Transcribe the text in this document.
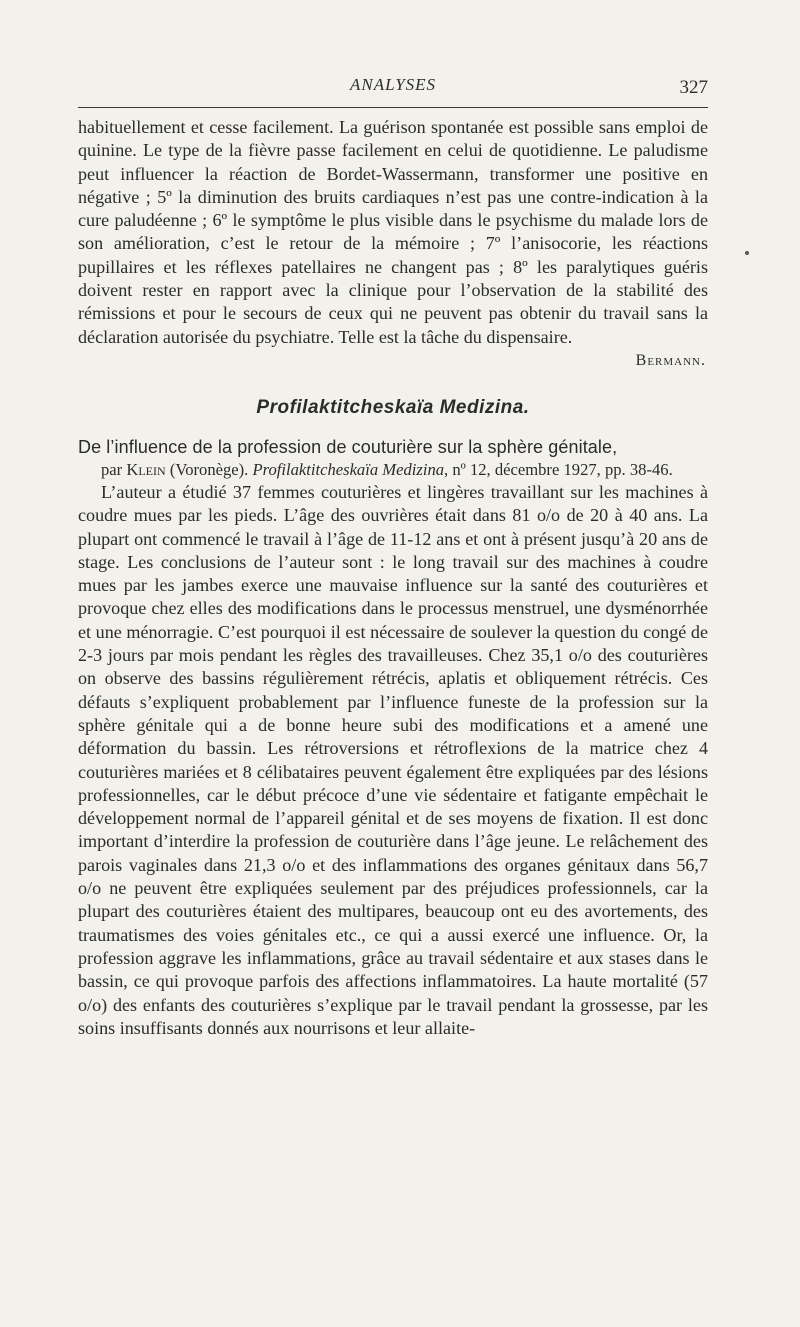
ANALYSES	327

habituellement et cesse facilement. La guérison spontanée est possible sans emploi de quinine. Le type de la fièvre passe facilement en celui de quotidienne. Le paludisme peut influencer la réaction de Bordet-Wassermann, transformer une positive en négative ; 5º la diminution des bruits cardiaques n’est pas une contre-indication à la cure paludéenne ; 6º le symptôme le plus visible dans le psychisme du malade lors de son amélioration, c’est le retour de la mémoire ; 7º l’anisocorie, les réactions pupillaires et les réflexes patellaires ne changent pas ; 8º les paralytiques guéris doivent rester en rapport avec la clinique pour l’observation de la stabilité des rémissions et pour le secours de ceux qui ne peuvent pas obtenir du travail sans la déclaration autorisée du psychiatre. Telle est la tâche du dispensaire.

Bermann.
Profilaktitcheskaïa Medizina.
De l’influence de la profession de couturière sur la sphère génitale,
par Klein (Voronège). Profilaktitcheskaïa Medizina, nº 12, décembre 1927, pp. 38-46.

L’auteur a étudié 37 femmes couturières et lingères travaillant sur les machines à coudre mues par les pieds. L’âge des ouvrières était dans 81 o/o de 20 à 40 ans. La plupart ont commencé le travail à l’âge de 11-12 ans et ont à présent jusqu’à 20 ans de stage. Les conclusions de l’auteur sont : le long travail sur des machines à coudre mues par les jambes exerce une mauvaise influence sur la santé des couturières et provoque chez elles des modifications dans le processus menstruel, une dysménorrhée et une ménorragie. C’est pourquoi il est nécessaire de soulever la question du congé de 2-3 jours par mois pendant les règles des travailleuses. Chez 35,1 o/o des couturières on observe des bassins régulièrement rétrécis, aplatis et obliquement rétrécis. Ces défauts s’expliquent probablement par l’influence funeste de la profession sur la sphère génitale qui a de bonne heure subi des modifications et a amené une déformation du bassin. Les rétroversions et rétroflexions de la matrice chez 4 couturières mariées et 8 célibataires peuvent également être expliquées par des lésions professionnelles, car le début précoce d’une vie sédentaire et fatigante empêchait le développement normal de l’appareil génital et de ses moyens de fixation. Il est donc important d’interdire la profession de couturière dans l’âge jeune. Le relâchement des parois vaginales dans 21,3 o/o et des inflammations des organes génitaux dans 56,7 o/o ne peuvent être expliquées seulement par des préjudices professionnels, car la plupart des couturières étaient des multipares, beaucoup ont eu des avortements, des traumatismes des voies génitales etc., ce qui a aussi exercé une influence. Or, la profession aggrave les inflammations, grâce au travail sédentaire et aux stases dans le bassin, ce qui provoque parfois des affections inflammatoires. La haute mortalité (57 o/o) des enfants des couturières s’explique par le travail pendant la grossesse, par les soins insuffisants donnés aux nourrisons et leur allaite-
